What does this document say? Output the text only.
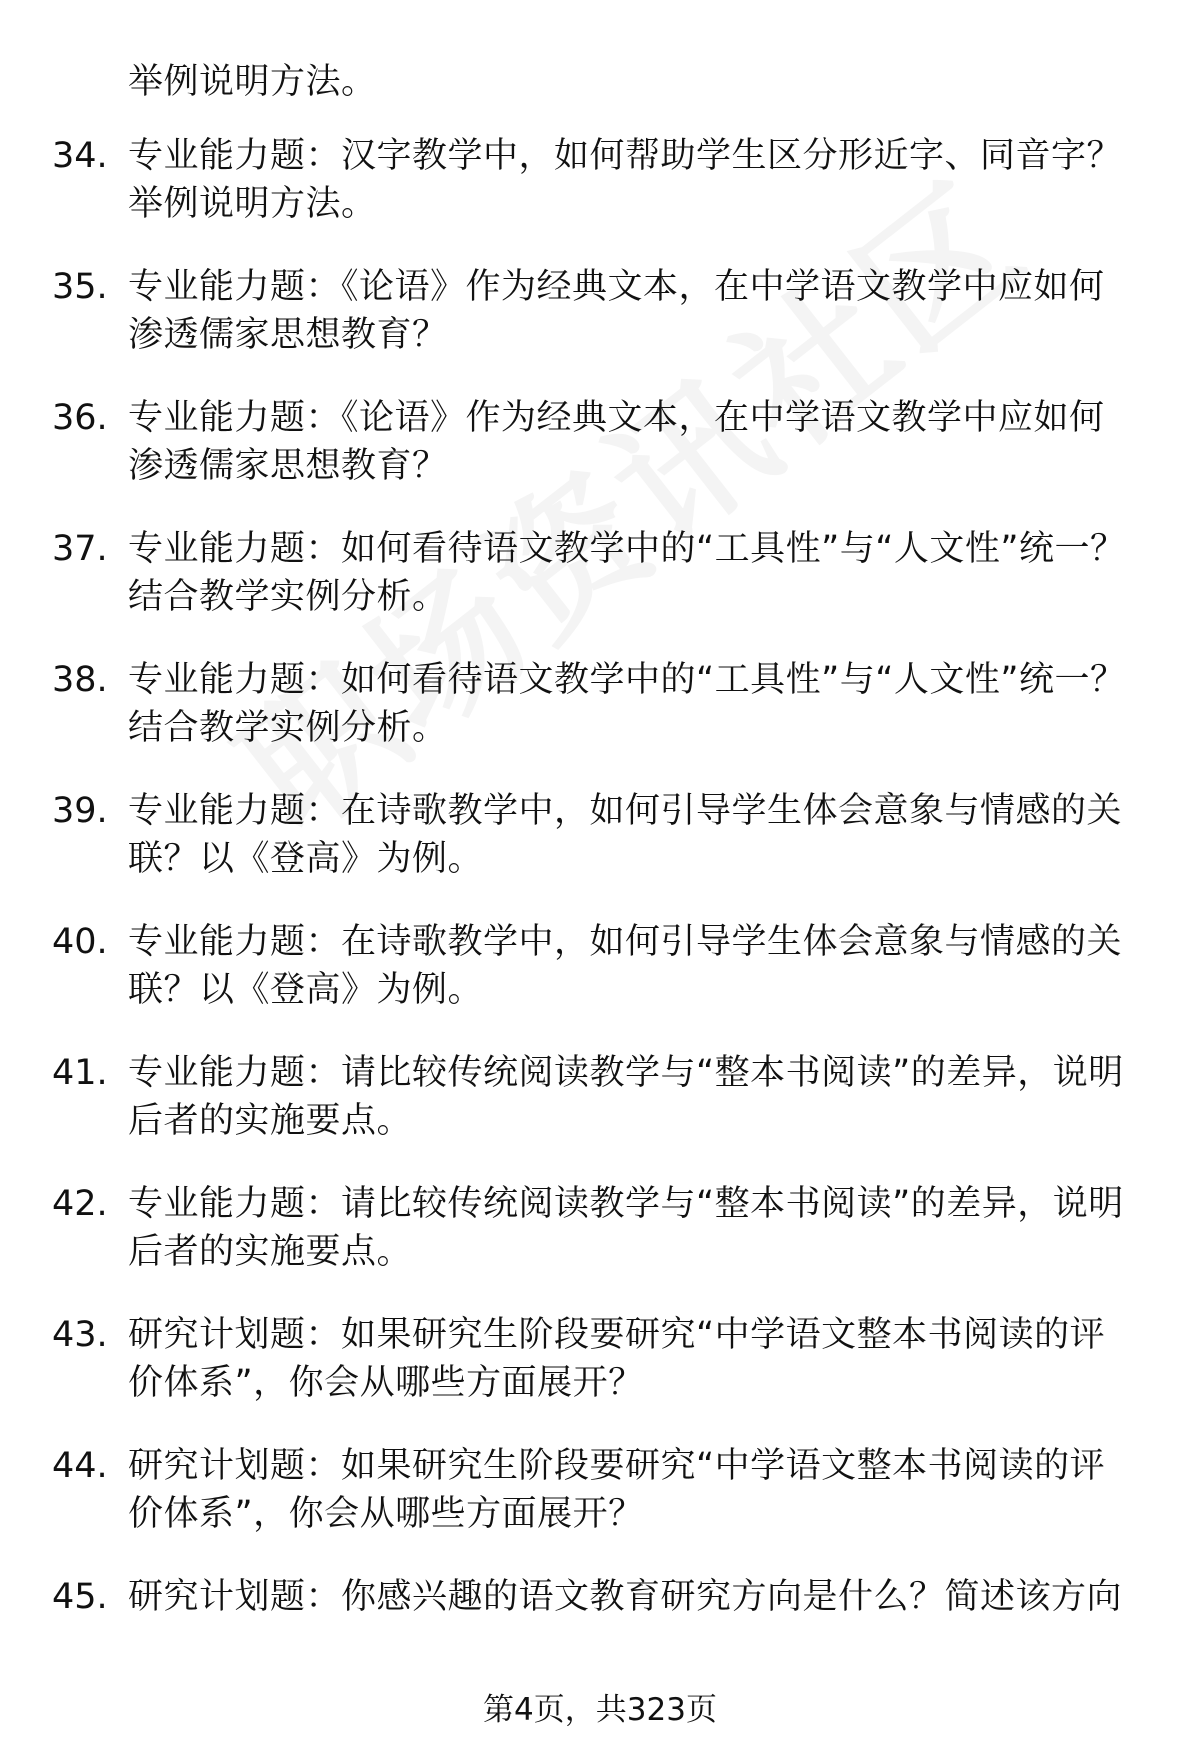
举例说明方法。
34. 专业能力题：汉字教学中，如何帮助学生区分形近字、同音字？举例说明方法。
35. 专业能力题：《论语》作为经典文本，在中学语文教学中应如何渗透儒家思想教育？
36. 专业能力题：《论语》作为经典文本，在中学语文教学中应如何渗透儒家思想教育？
37. 专业能力题：如何看待语文教学中的“工具性”与“人文性”统一？结合教学实例分析。
38. 专业能力题：如何看待语文教学中的“工具性”与“人文性”统一？结合教学实例分析。
39. 专业能力题：在诗歌教学中，如何引导学生体会意象与情感的关联？以《登高》为例。
40. 专业能力题：在诗歌教学中，如何引导学生体会意象与情感的关联？以《登高》为例。
41. 专业能力题：请比较传统阅读教学与“整本书阅读”的差异，说明后者的实施要点。
42. 专业能力题：请比较传统阅读教学与“整本书阅读”的差异，说明后者的实施要点。
43. 研究计划题：如果研究生阶段要研究“中学语文整本书阅读的评价体系”，你会从哪些方面展开？
44. 研究计划题：如果研究生阶段要研究“中学语文整本书阅读的评价体系”，你会从哪些方面展开？
45. 研究计划题：你感兴趣的语文教育研究方向是什么？简述该方向
第4页，共323页
